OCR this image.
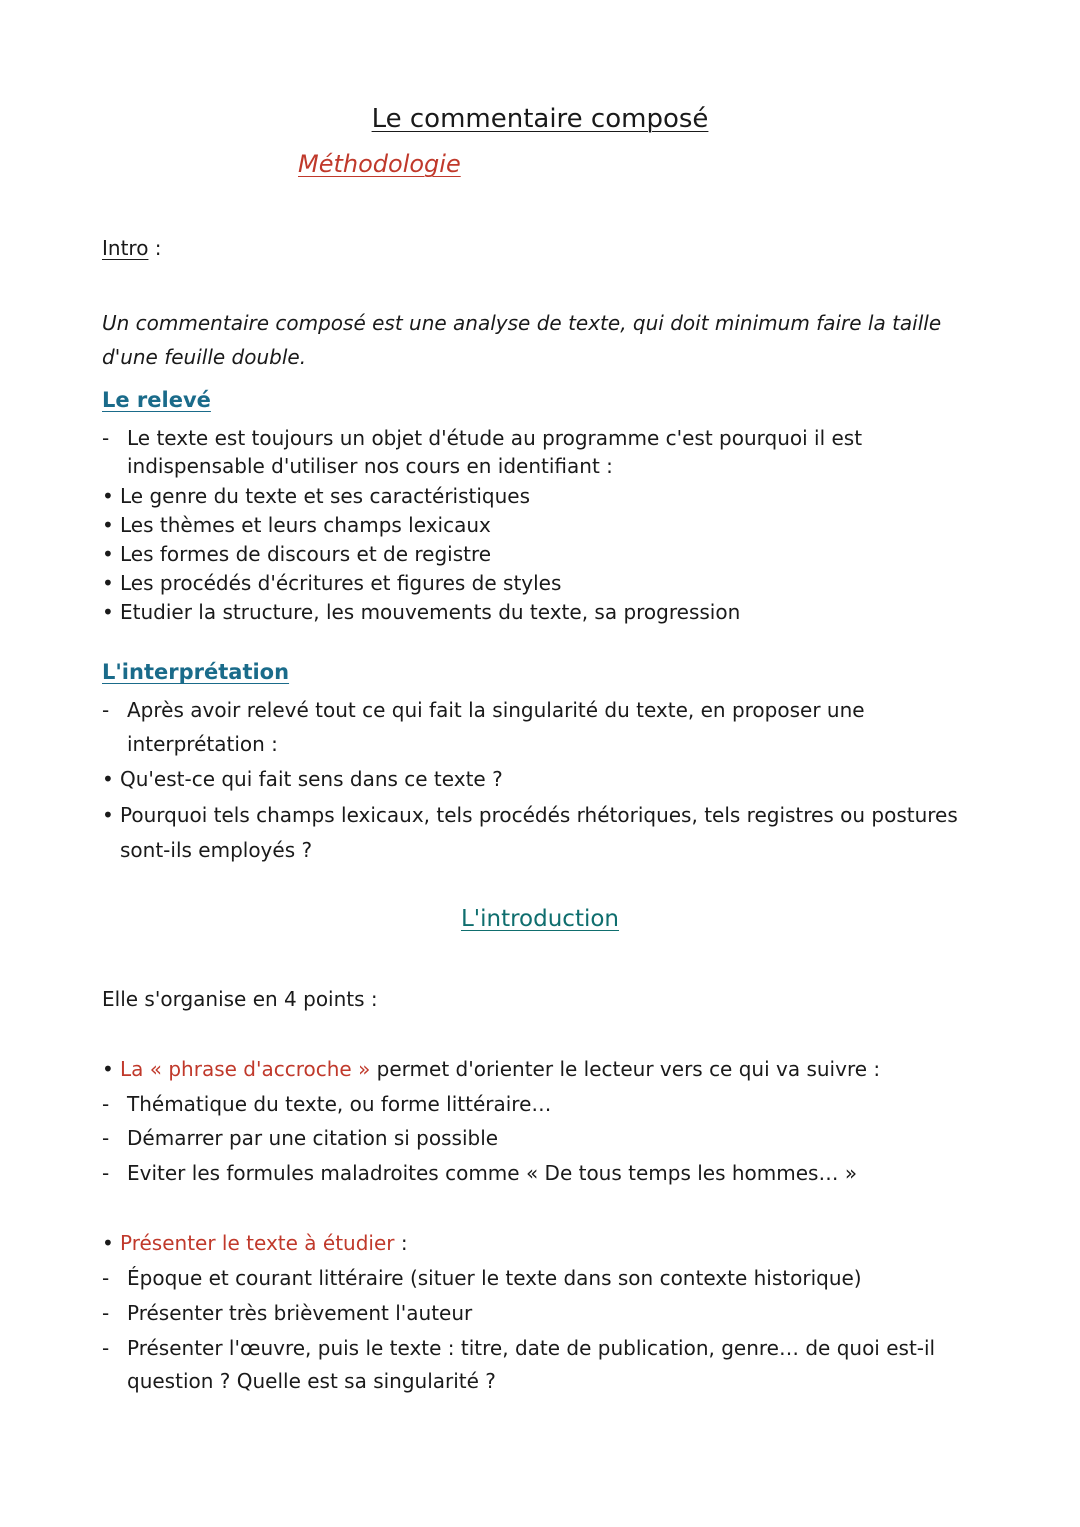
Le commentaire composé
Méthodologie
Intro :
Un commentaire composé est une analyse de texte, qui doit minimum faire la taille d'une feuille double.
Le relevé
- Le texte est toujours un objet d'étude au programme c'est pourquoi il est
indispensable d'utiliser nos cours en identifiant :
• Le genre du texte et ses caractéristiques
• Les thèmes et leurs champs lexicaux
• Les formes de discours et de registre
• Les procédés d'écritures et figures de styles
• Etudier la structure, les mouvements du texte, sa progression
L'interprétation
- Après avoir relevé tout ce qui fait la singularité du texte, en proposer une
interprétation :
• Qu'est-ce qui fait sens dans ce texte ?
• Pourquoi tels champs lexicaux, tels procédés rhétoriques, tels registres ou postures
sont-ils employés ?
L'introduction
Elle s'organise en 4 points :
• La « phrase d'accroche » permet d'orienter le lecteur vers ce qui va suivre :
- Thématique du texte, ou forme littéraire…
- Démarrer par une citation si possible
- Eviter les formules maladroites comme « De tous temps les hommes… »
• Présenter le texte à étudier :
- Époque et courant littéraire (situer le texte dans son contexte historique)
- Présenter très brièvement l'auteur
- Présenter l'œuvre, puis le texte : titre, date de publication, genre… de quoi est-il
question ? Quelle est sa singularité ?
